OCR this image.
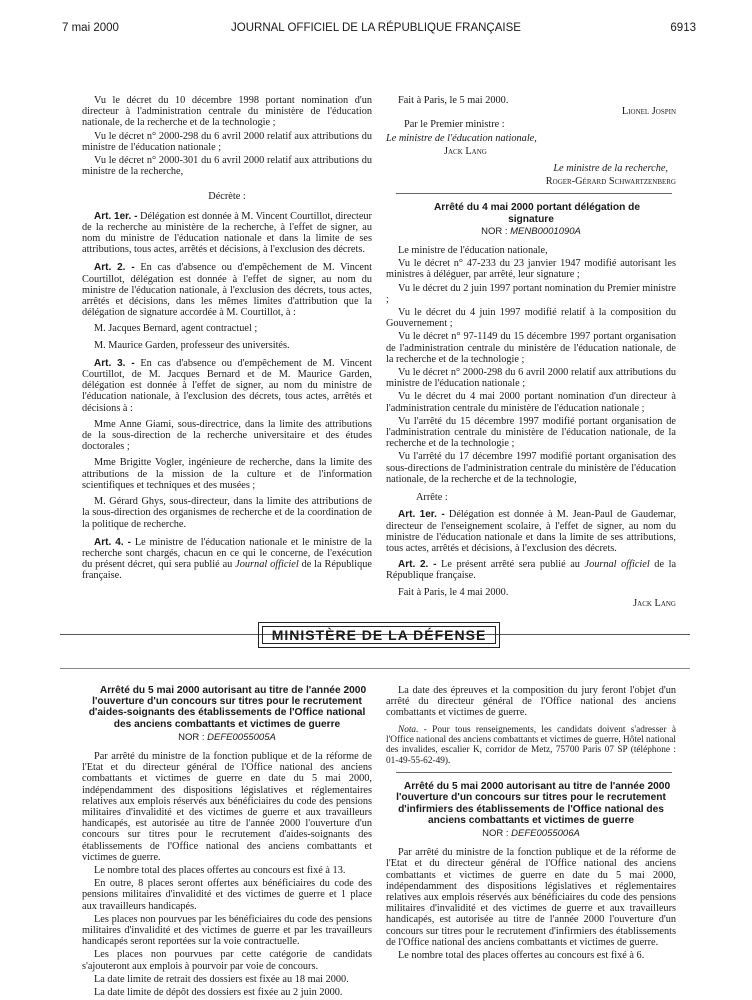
7 mai 2000	JOURNAL OFFICIEL DE LA RÉPUBLIQUE FRANÇAISE	6913

Vu le décret du 10 décembre 1998 portant nomination d'un directeur à l'administration centrale du ministère de l'éducation nationale, de la recherche et de la technologie ;

Vu le décret n° 2000-298 du 6 avril 2000 relatif aux attributions du ministre de l'éducation nationale ;

Vu le décret n° 2000-301 du 6 avril 2000 relatif aux attributions du ministre de la recherche,

Décrète :

Art. 1er. - Délégation est donnée à M. Vincent Courtillot, directeur de la recherche au ministère de la recherche, à l'effet de signer, au nom du ministre de l'éducation nationale et dans la limite de ses attributions, tous actes, arrêtés et décisions, à l'exclusion des décrets.

Art. 2. - En cas d'absence ou d'empêchement de M. Vincent Courtillot, délégation est donnée à l'effet de signer, au nom du ministre de l'éducation nationale, à l'exclusion des décrets, tous actes, arrêtés et décisions, dans les mêmes limites d'attribution que la délégation de signature accordée à M. Courtillot, à :

M. Jacques Bernard, agent contractuel ;

M. Maurice Garden, professeur des universités.

Art. 3. - En cas d'absence ou d'empêchement de M. Vincent Courtillot, de M. Jacques Bernard et de M. Maurice Garden, délégation est donnée à l'effet de signer, au nom du ministre de l'éducation nationale, à l'exclusion des décrets, tous actes, arrêtés et décisions à :

Mme Anne Giami, sous-directrice, dans la limite des attributions de la sous-direction de la recherche universitaire et des études doctorales ;

Mme Brigitte Vogler, ingénieure de recherche, dans la limite des attributions de la mission de la culture et de l'information scientifiques et techniques et des musées ;

M. Gérard Ghys, sous-directeur, dans la limite des attributions de la sous-direction des organismes de recherche et de la coordination de la politique de recherche.

Art. 4. - Le ministre de l'éducation nationale et le ministre de la recherche sont chargés, chacun en ce qui le concerne, de l'exécution du présent décret, qui sera publié au Journal officiel de la République française.

Fait à Paris, le 5 mai 2000.

Lionel Jospin

Par le Premier ministre :

Le ministre de l'éducation nationale,

Jack Lang

Le ministre de la recherche,

Roger-Gérard Schwartzenberg

Arrêté du 4 mai 2000 portant délégation de signature

NOR : MENB0001090A

Le ministre de l'éducation nationale,

Vu le décret n° 47-233 du 23 janvier 1947 modifié autorisant les ministres à déléguer, par arrêté, leur signature ;

Vu le décret du 2 juin 1997 portant nomination du Premier ministre ;

Vu le décret du 4 juin 1997 modifié relatif à la composition du Gouvernement ;

Vu le décret n° 97-1149 du 15 décembre 1997 portant organisation de l'administration centrale du ministère de l'éducation nationale, de la recherche et de la technologie ;

Vu le décret n° 2000-298 du 6 avril 2000 relatif aux attributions du ministre de l'éducation nationale ;

Vu le décret du 4 mai 2000 portant nomination d'un directeur à l'administration centrale du ministère de l'éducation nationale ;

Vu l'arrêté du 15 décembre 1997 modifié portant organisation de l'administration centrale du ministère de l'éducation nationale, de la recherche et de la technologie ;

Vu l'arrêté du 17 décembre 1997 modifié portant organisation des sous-directions de l'administration centrale du ministère de l'éducation nationale, de la recherche et de la technologie,

Arrête :

Art. 1er. - Délégation est donnée à M. Jean-Paul de Gaudemar, directeur de l'enseignement scolaire, à l'effet de signer, au nom du ministre de l'éducation nationale et dans la limite de ses attributions, tous actes, arrêtés et décisions, à l'exclusion des décrets.

Art. 2. - Le présent arrêté sera publié au Journal officiel de la République française.

Fait à Paris, le 4 mai 2000.

Jack Lang

MINISTÈRE DE LA DÉFENSE

Arrêté du 5 mai 2000 autorisant au titre de l'année 2000 l'ouverture d'un concours sur titres pour le recrutement d'aides-soignants des établissements de l'Office national des anciens combattants et victimes de guerre

NOR : DEFE0055005A

Par arrêté du ministre de la fonction publique et de la réforme de l'Etat et du directeur général de l'Office national des anciens combattants et victimes de guerre en date du 5 mai 2000, indépendamment des dispositions législatives et réglementaires relatives aux emplois réservés aux bénéficiaires du code des pensions militaires d'invalidité et des victimes de guerre et aux travailleurs handicapés, est autorisée au titre de l'année 2000 l'ouverture d'un concours sur titres pour le recrutement d'aides-soignants des établissements de l'Office national des anciens combattants et victimes de guerre.

Le nombre total des places offertes au concours est fixé à 13.

En outre, 8 places seront offertes aux bénéficiaires du code des pensions militaires d'invalidité et des victimes de guerre et 1 place aux travailleurs handicapés.

Les places non pourvues par les bénéficiaires du code des pensions militaires d'invalidité et des victimes de guerre et par les travailleurs handicapés seront reportées sur la voie contractuelle.

Les places non pourvues par cette catégorie de candidats s'ajouteront aux emplois à pourvoir par voie de concours.

La date limite de retrait des dossiers est fixée au 18 mai 2000.

La date limite de dépôt des dossiers est fixée au 2 juin 2000.

La date des épreuves et la composition du jury feront l'objet d'un arrêté du directeur général de l'Office national des anciens combattants et victimes de guerre.

Nota. - Pour tous renseignements, les candidats doivent s'adresser à l'Office national des anciens combattants et victimes de guerre, Hôtel national des invalides, escalier K, corridor de Metz, 75700 Paris 07 SP (téléphone : 01-49-55-62-49).

Arrêté du 5 mai 2000 autorisant au titre de l'année 2000 l'ouverture d'un concours sur titres pour le recrutement d'infirmiers des établissements de l'Office national des anciens combattants et victimes de guerre

NOR : DEFE0055006A

Par arrêté du ministre de la fonction publique et de la réforme de l'Etat et du directeur général de l'Office national des anciens combattants et victimes de guerre en date du 5 mai 2000, indépendamment des dispositions législatives et réglementaires relatives aux emplois réservés aux bénéficiaires du code des pensions militaires d'invalidité et des victimes de guerre et aux travailleurs handicapés, est autorisée au titre de l'année 2000 l'ouverture d'un concours sur titres pour le recrutement d'infirmiers des établissements de l'Office national des anciens combattants et victimes de guerre.

Le nombre total des places offertes au concours est fixé à 6.
